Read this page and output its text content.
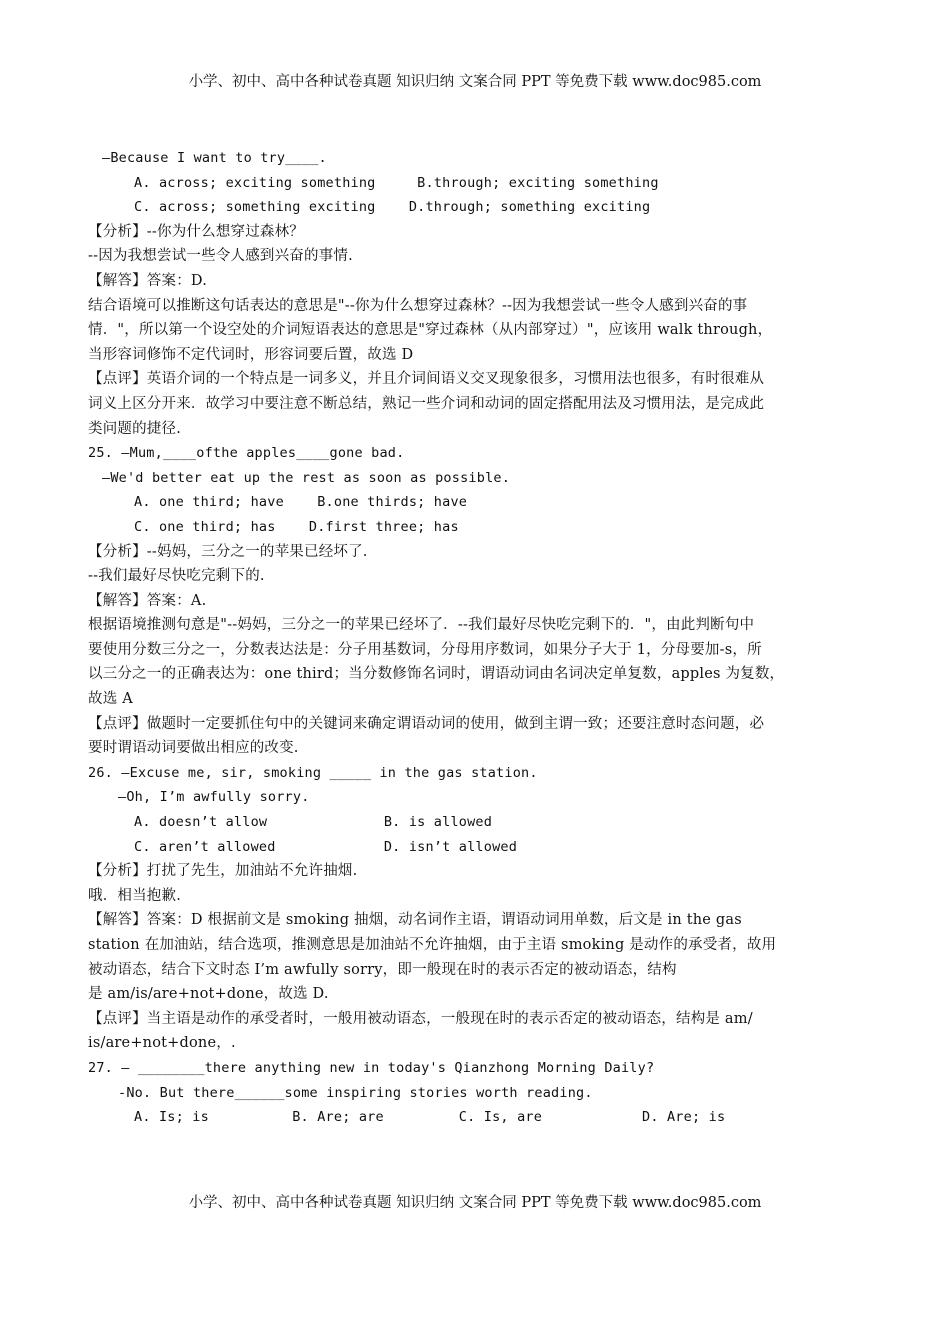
小学、初中、高中各种试卷真题 知识归纳 文案合同 PPT 等免费下载 www.doc985.com
—Because I want to try____.
A. across; exciting something     B.through; exciting something
C. across; something exciting    D.through; something exciting
【分析】--你为什么想穿过森林？
--因为我想尝试一些令人感到兴奋的事情.
【解答】答案：D.
结合语境可以推断这句话表达的意思是"--你为什么想穿过森林？--因为我想尝试一些令人感到兴奋的事
情．"，所以第一个设空处的介词短语表达的意思是"穿过森林（从内部穿过）"，应该用 walk through，
当形容词修饰不定代词时，形容词要后置，故选 D
【点评】英语介词的一个特点是一词多义，并且介词间语义交叉现象很多，习惯用法也很多，有时很难从
词义上区分开来．故学习中要注意不断总结，熟记一些介词和动词的固定搭配用法及习惯用法，是完成此
类问题的捷径.
25. —Mum,____ofthe apples____gone bad.
—We'd better eat up the rest as soon as possible.
A. one third; have    B.one thirds; have
C. one third; has    D.first three; has
【分析】--妈妈，三分之一的苹果已经坏了.
--我们最好尽快吃完剩下的.
【解答】答案：A.
根据语境推测句意是"--妈妈，三分之一的苹果已经坏了．--我们最好尽快吃完剩下的．"，由此判断句中
要使用分数三分之一，分数表达法是：分子用基数词，分母用序数词，如果分子大于 1，分母要加-s，所
以三分之一的正确表达为：one third；当分数修饰名词时，谓语动词由名词决定单复数，apples 为复数，
故选 A
【点评】做题时一定要抓住句中的关键词来确定谓语动词的使用，做到主谓一致；还要注意时态问题，必
要时谓语动词要做出相应的改变.
26. —Excuse me, sir, smoking _____ in the gas station.
—Oh, I’m awfully sorry.
A. doesn’t allow              B. is allowed
C. aren’t allowed             D. isn’t allowed
【分析】打扰了先生，加油站不允许抽烟.
哦．相当抱歉.
【解答】答案：D 根据前文是 smoking 抽烟，动名词作主语，谓语动词用单数，后文是 in the gas
station 在加油站，结合选项，推测意思是加油站不允许抽烟，由于主语 smoking 是动作的承受者，故用
被动语态，结合下文时态 I’m awfully sorry，即一般现在时的表示否定的被动语态，结构
是 am/is/are+not+done，故选 D.
【点评】当主语是动作的承受者时，一般用被动语态，一般现在时的表示否定的被动语态，结构是 am/
is/are+not+done，.
27. — ________there anything new in today's Qianzhong Morning Daily?
-No. But there______some inspiring stories worth reading.
A. Is; is          B. Are; are         C. Is, are            D. Are; is
小学、初中、高中各种试卷真题 知识归纳 文案合同 PPT 等免费下载 www.doc985.com
